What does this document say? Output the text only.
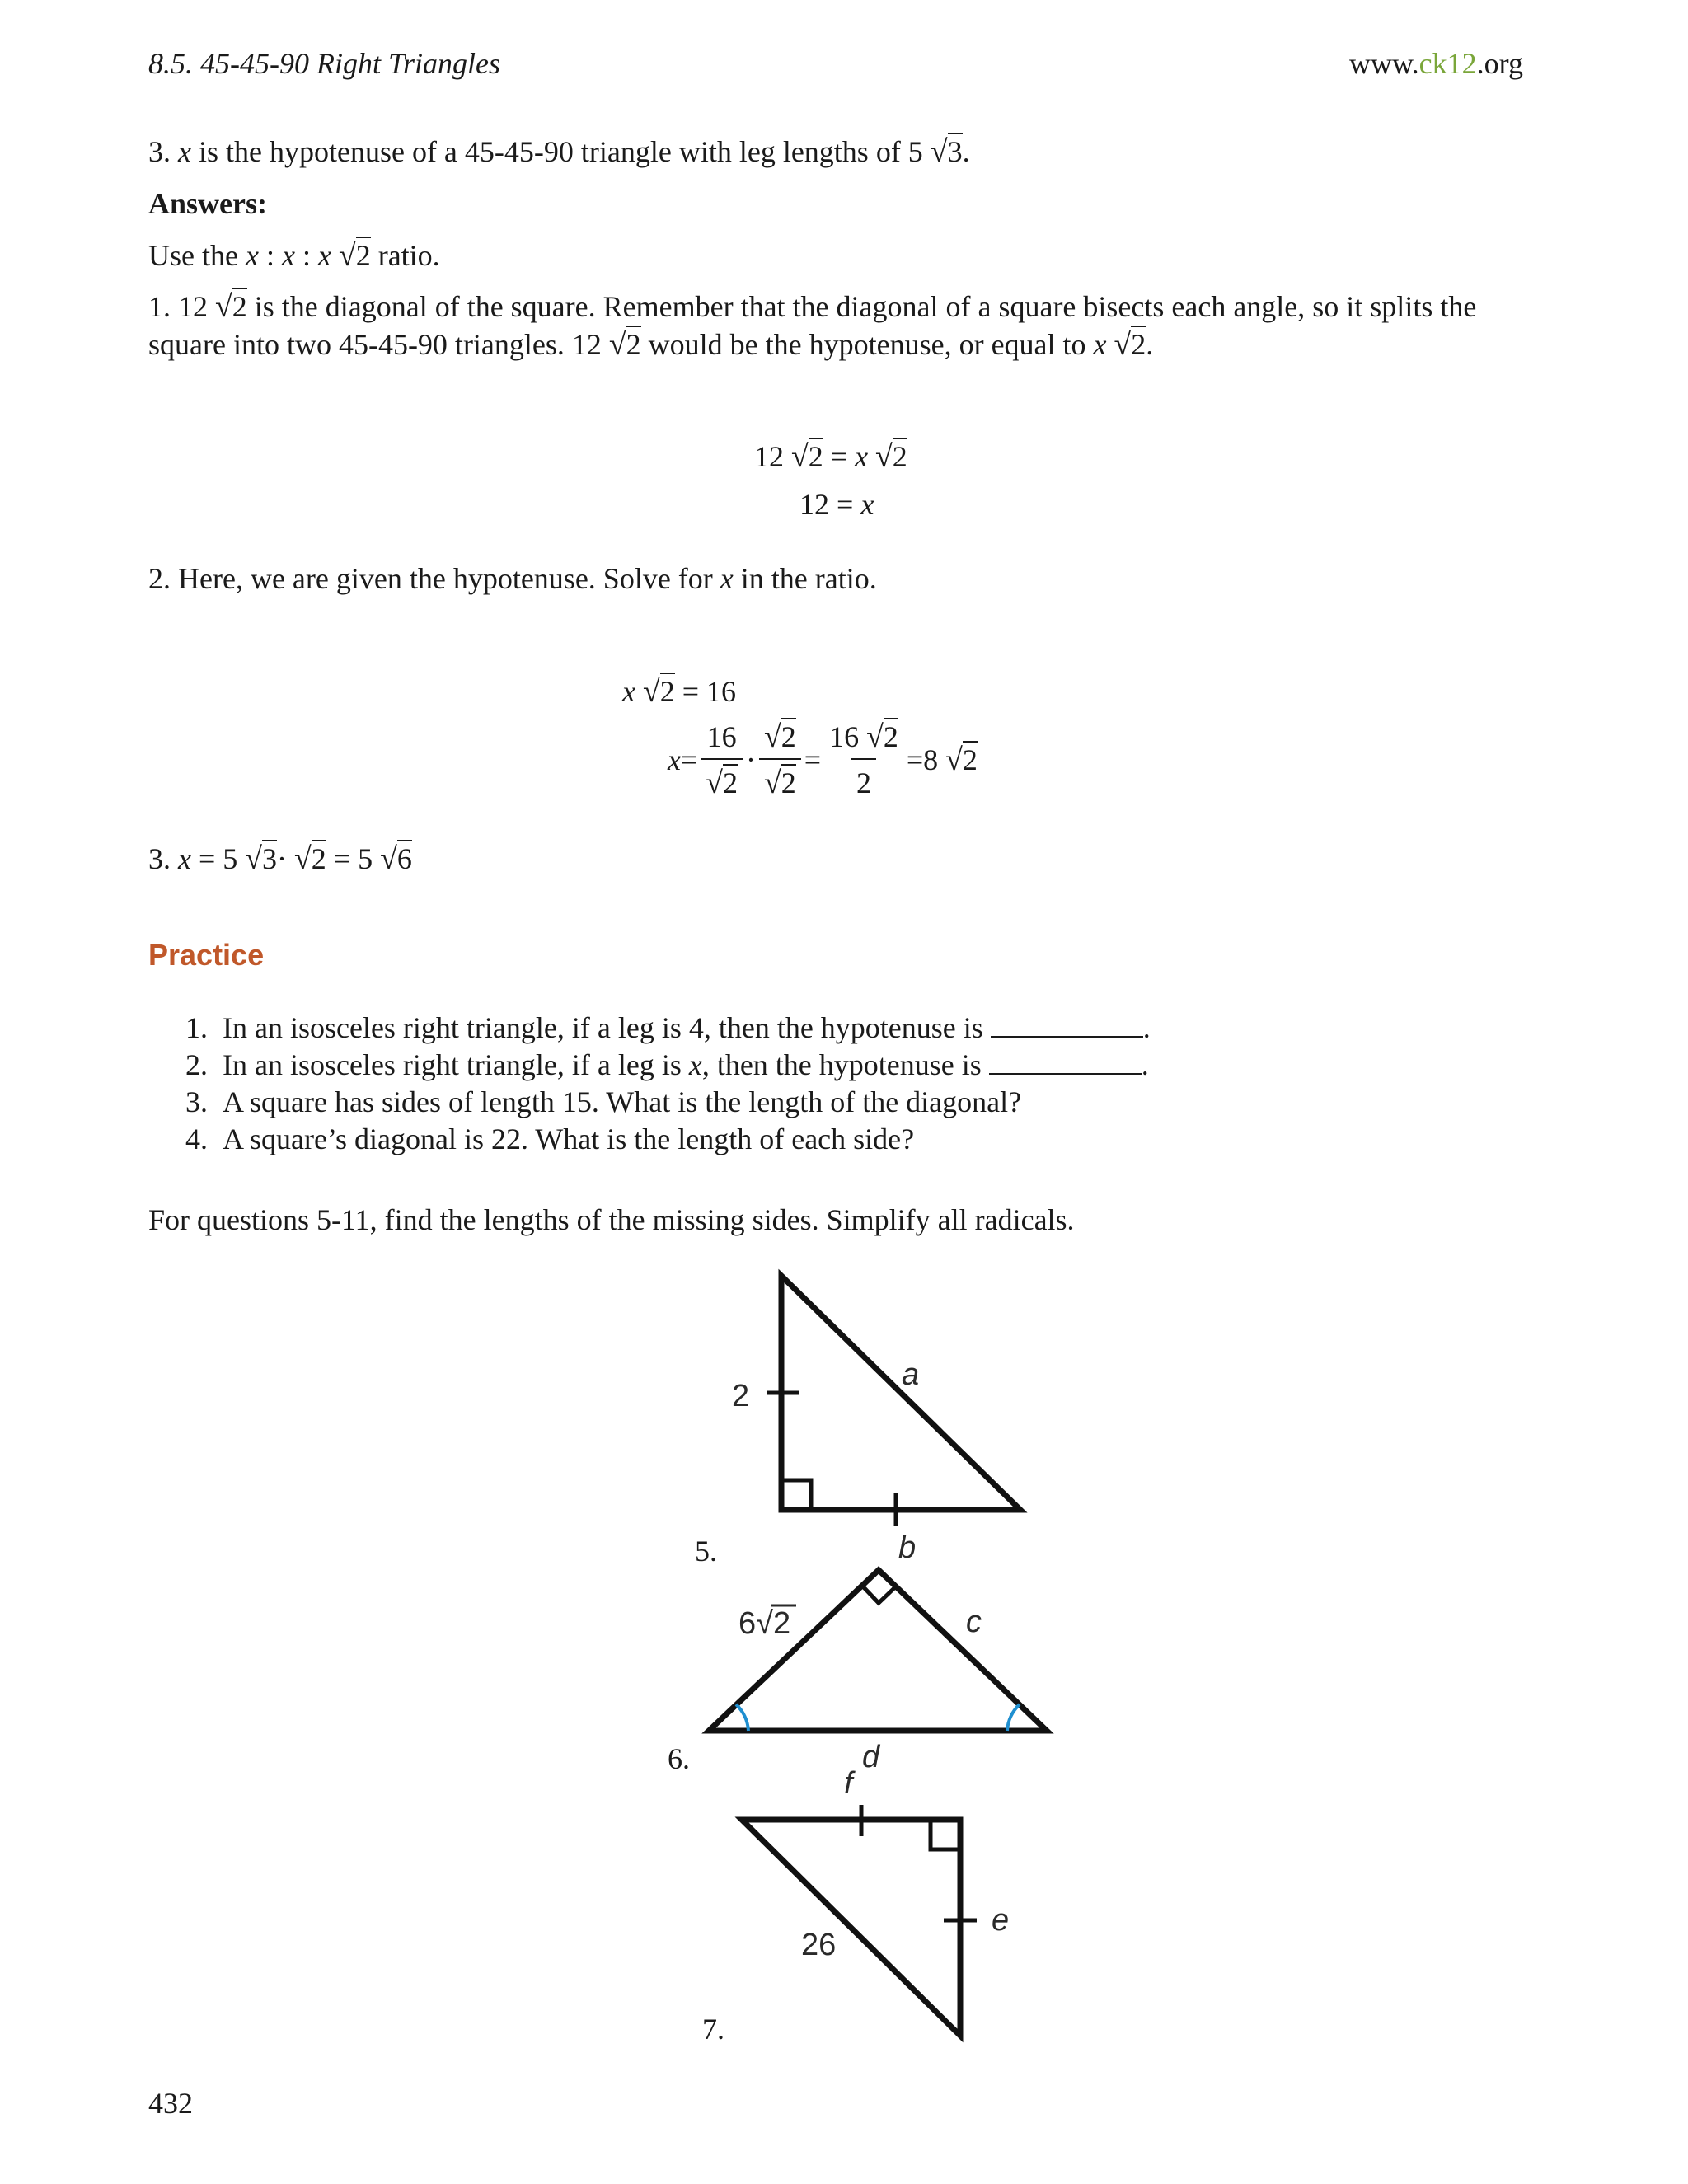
8.5. 45-45-90 Right Triangles	www.ck12.org
3. x is the hypotenuse of a 45-45-90 triangle with leg lengths of 5 √3.
Answers:
Use the x : x : x √2 ratio.
1. 12 √2 is the diagonal of the square. Remember that the diagonal of a square bisects each angle, so it splits the
square into two 45-45-90 triangles. 12 √2 would be the hypotenuse, or equal to x √2.
12 √2 = x √2
12 = x
2. Here, we are given the hypotenuse. Solve for x in the ratio.
x √2 = 16
$x = \frac{16}{√2} \cdot \frac{√2}{√2} = \frac{16 √2}{2} = 8$
√2
3. x = 5 √3· √2 = 5 √6
Practice
1. In an isosceles right triangle, if a leg is 4, then the hypotenuse is	.
2. In an isosceles right triangle, if a leg is x, then the hypotenuse is	.
3. A square has sides of length 15. What is the length of the diagonal?
4. A square’s diagonal is 22. What is the length of each side?
For questions 5-11, find the lengths of the missing sides. Simplify all radicals.
5.
6.
7.
2
a
b
6√2	c
d
f
e
26
432
